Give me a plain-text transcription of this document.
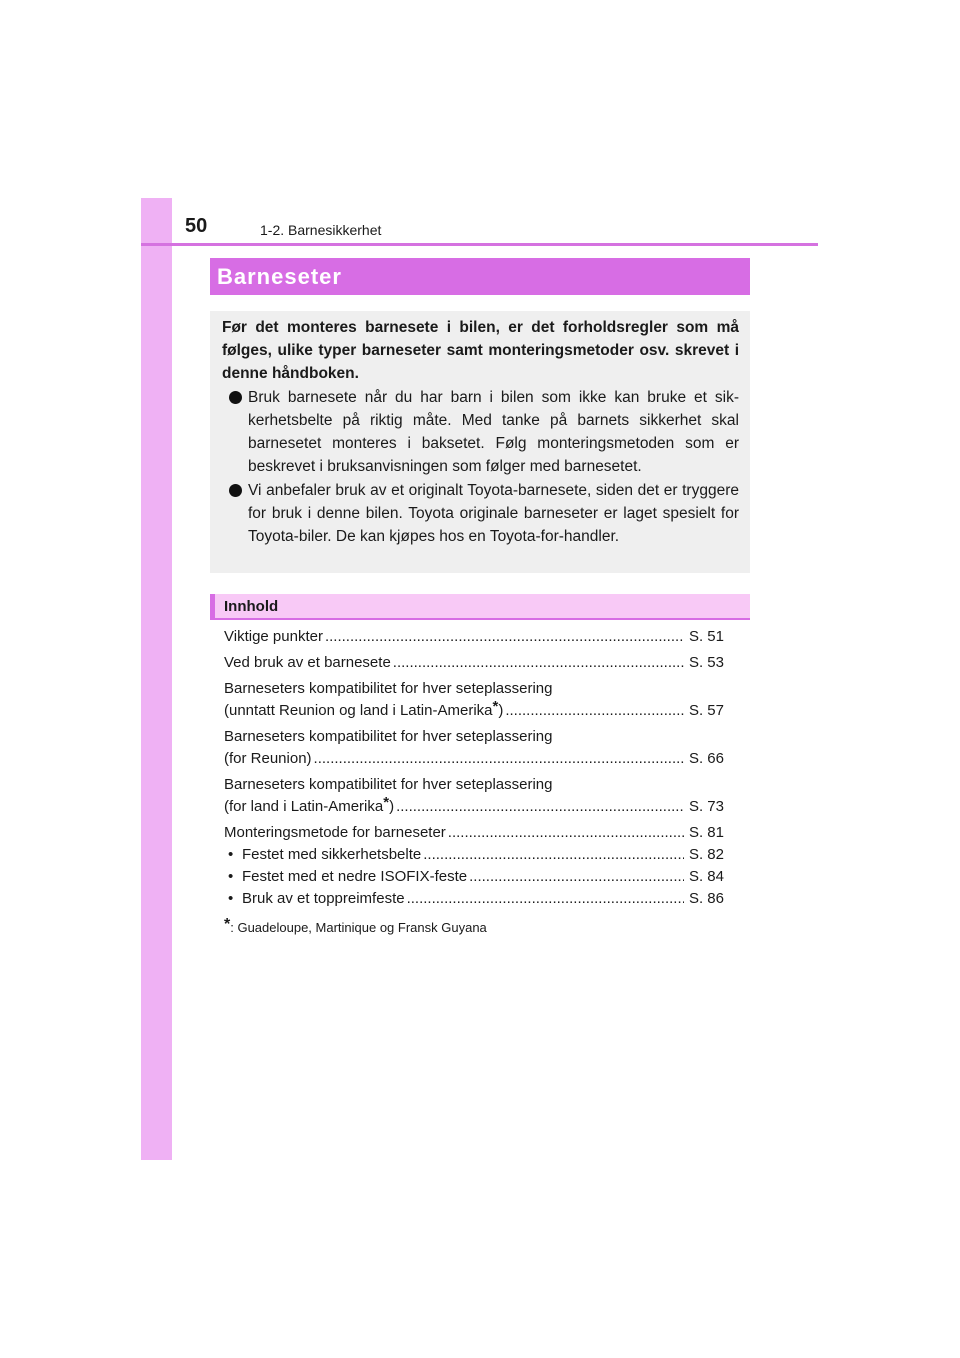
50	1-2. Barnesikkerhet
Barneseter
Før det monteres barnesete i bilen, er det forholdsregler som må følges, ulike typer barneseter samt monteringsmetoder osv. skrevet i denne håndboken.
Bruk barnesete når du har barn i bilen som ikke kan bruke et sik-kerhetsbelte på riktig måte. Med tanke på barnets sikkerhet skal barnesetet monteres i baksetet. Følg monteringsmetoden som er beskrevet i bruksanvisningen som følger med barnesetet.
Vi anbefaler bruk av et originalt Toyota-barnesete, siden det er tryggere for bruk i denne bilen. Toyota originale barneseter er laget spesielt for Toyota-biler. De kan kjøpes hos en Toyota-for-handler.
Innhold
Viktige punkter .....	S. 51
Ved bruk av et barnesete .....	S. 53
Barneseters kompatibilitet for hver seteplassering
(unntatt Reunion og land i Latin-Amerika*) .....	S. 57
Barneseters kompatibilitet for hver seteplassering
(for Reunion) .....	S. 66
Barneseters kompatibilitet for hver seteplassering
(for land i Latin-Amerika*) .....	S. 73
Monteringsmetode for barneseter .....	S. 81
• Festet med sikkerhetsbelte .....	S. 82
• Festet med et nedre ISOFIX-feste .....	S. 84
• Bruk av et toppreimfeste .....	S. 86
*: Guadeloupe, Martinique og Fransk Guyana
